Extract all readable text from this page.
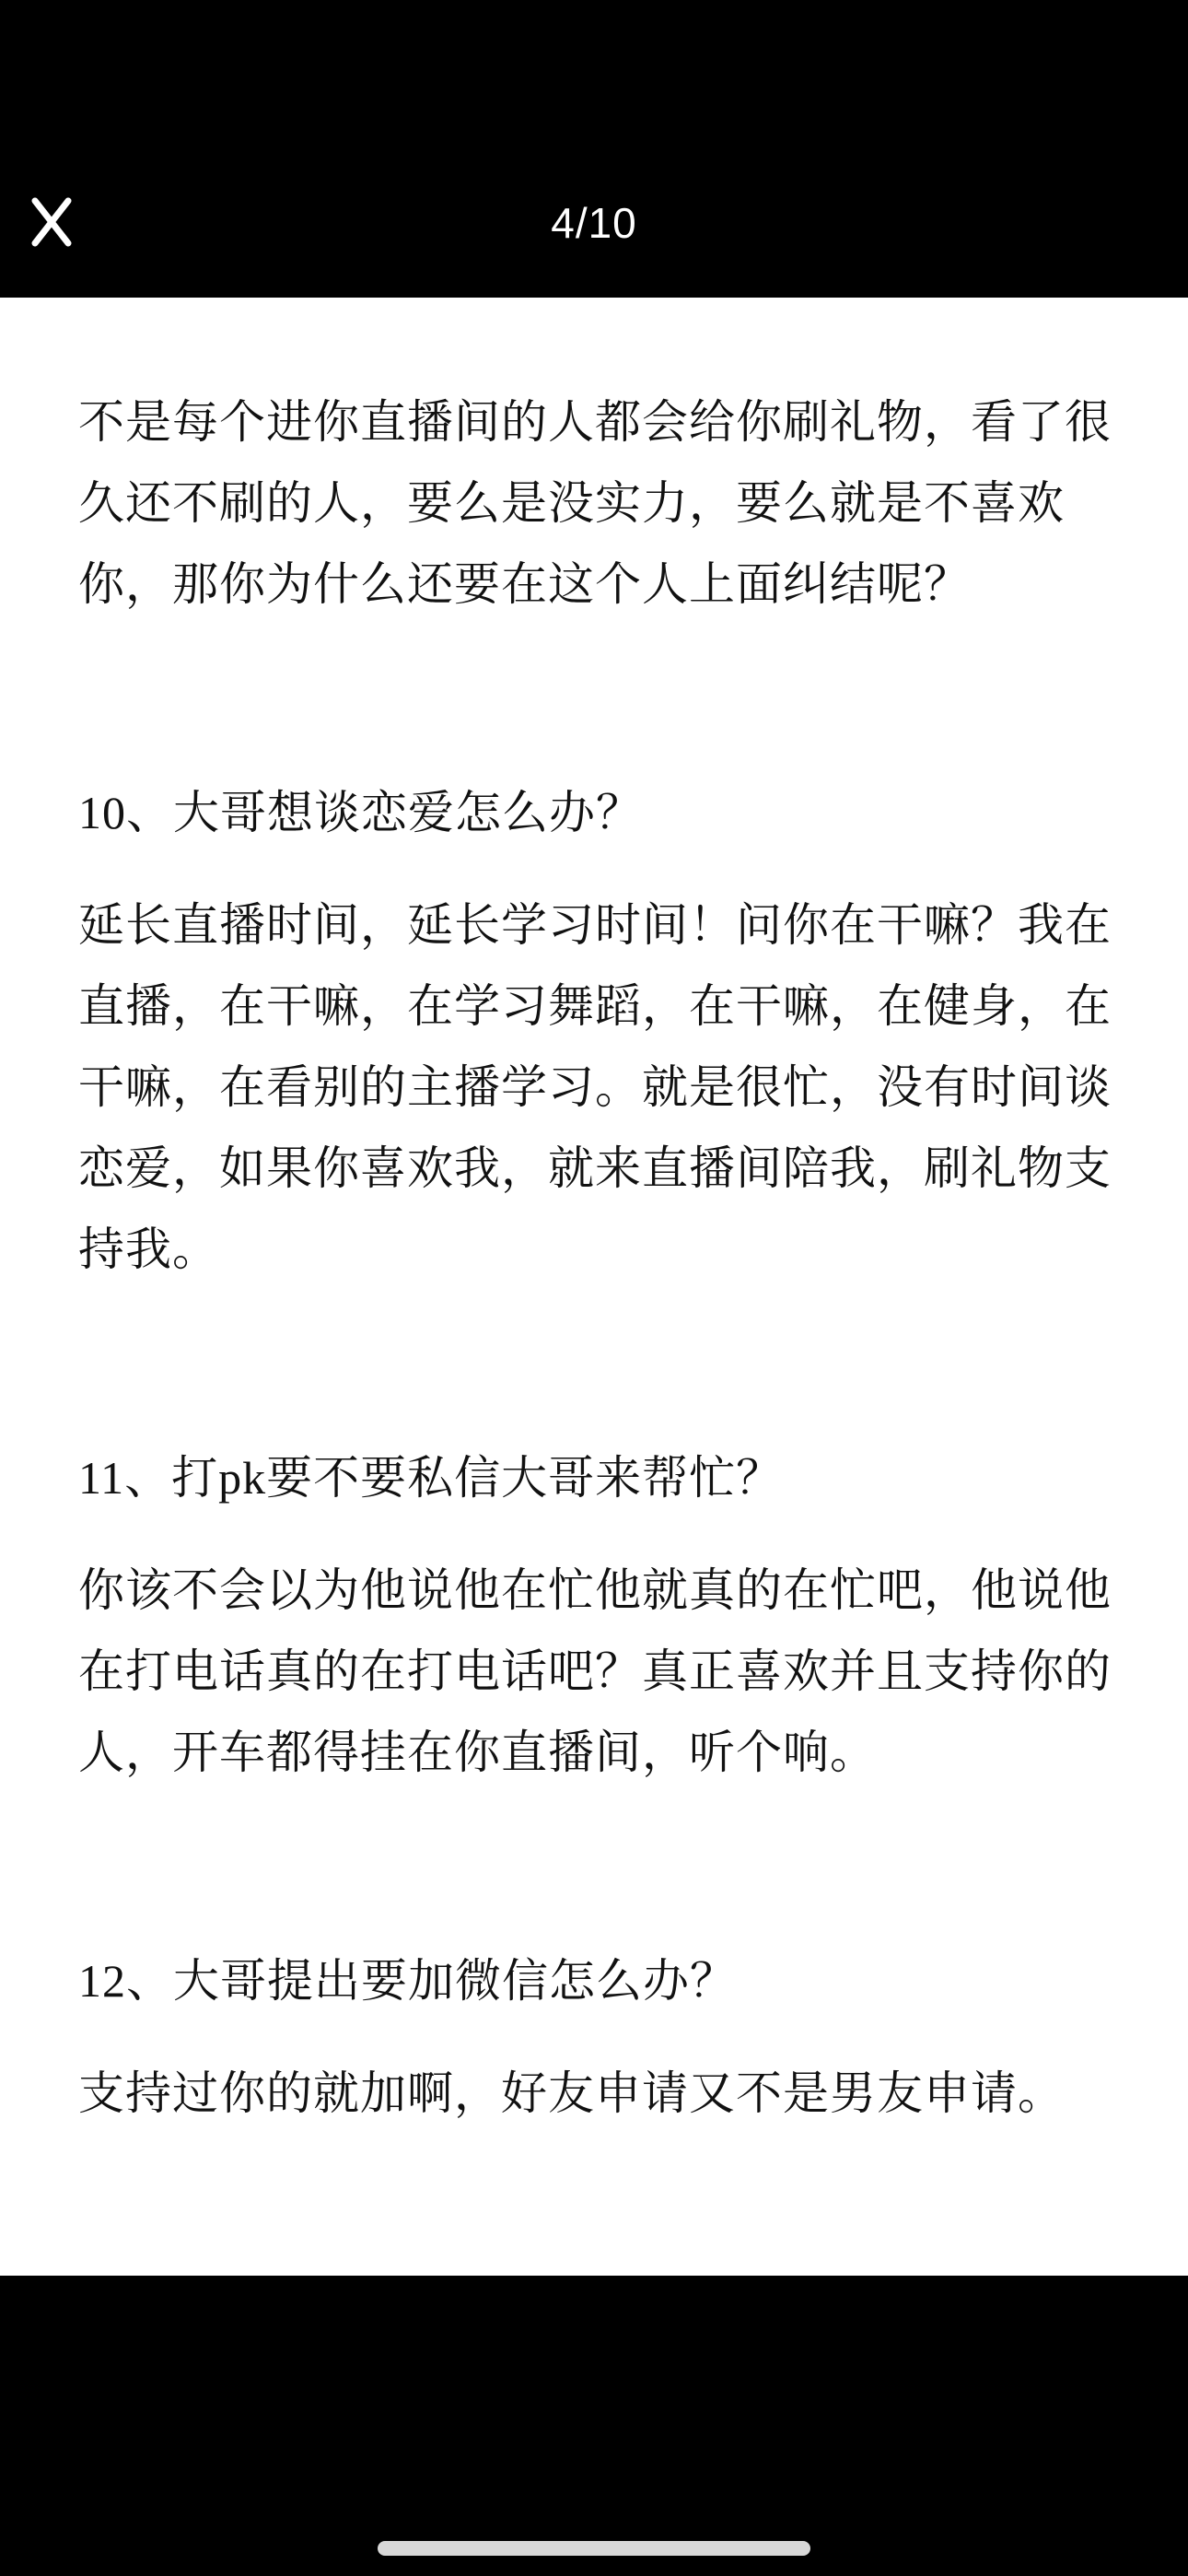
4/10
不是每个进你直播间的人都会给你刷礼物，看了很
久还不刷的人，要么是没实力，要么就是不喜欢
你，那你为什么还要在这个人上面纠结呢？
10、大哥想谈恋爱怎么办？
延长直播时间，延长学习时间！问你在干嘛？我在
直播，在干嘛，在学习舞蹈，在干嘛，在健身，在
干嘛，在看别的主播学习。就是很忙，没有时间谈
恋爱，如果你喜欢我，就来直播间陪我，刷礼物支
持我。
11、打pk要不要私信大哥来帮忙？
你该不会以为他说他在忙他就真的在忙吧，他说他
在打电话真的在打电话吧？真正喜欢并且支持你的
人，开车都得挂在你直播间，听个响。
12、大哥提出要加微信怎么办？
支持过你的就加啊，好友申请又不是男友申请。
